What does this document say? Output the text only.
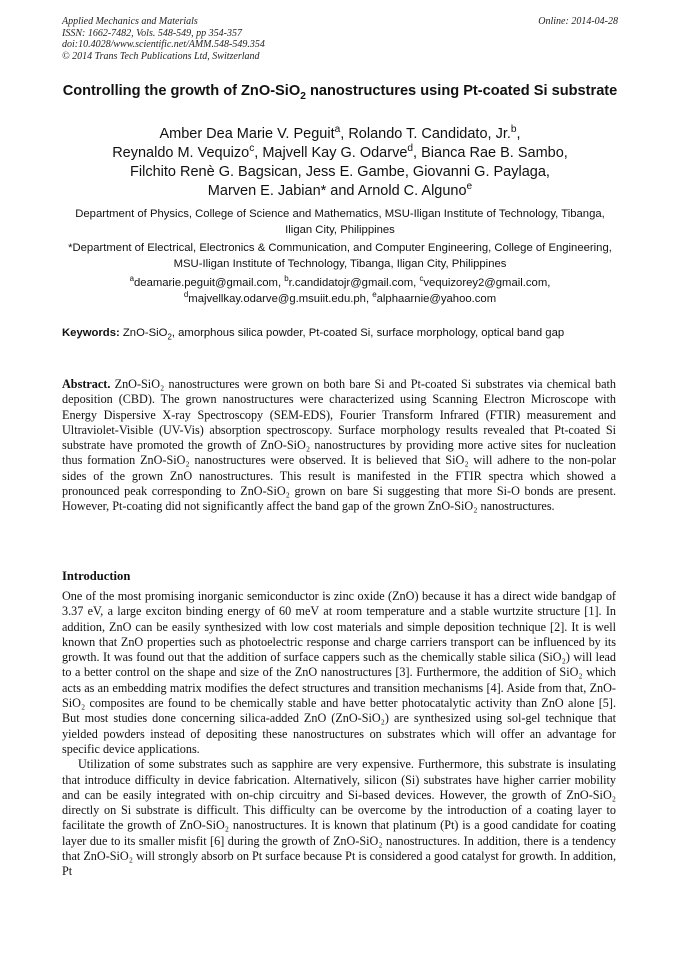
Applied Mechanics and Materials
ISSN: 1662-7482, Vols. 548-549, pp 354-357
doi:10.4028/www.scientific.net/AMM.548-549.354
© 2014 Trans Tech Publications Ltd, Switzerland
Online: 2014-04-28
Controlling the growth of ZnO-SiO$_2$ nanostructures using Pt-coated Si substrate
Amber Dea Marie V. Peguit$^a$, Rolando T. Candidato, Jr.$^b$,
Reynaldo M. Vequizo$^c$, Majvell Kay G. Odarve$^d$, Bianca Rae B. Sambo,
Filchito Renè G. Bagsican, Jess E. Gambe, Giovanni G. Paylaga,
Marven E. Jabian* and Arnold C. Alguno$^e$
Department of Physics, College of Science and Mathematics, MSU-Iligan Institute of Technology, Tibanga, Iligan City, Philippines
*Department of Electrical, Electronics & Communication, and Computer Engineering, College of Engineering, MSU-Iligan Institute of Technology, Tibanga, Iligan City, Philippines
$^a$deamarie.peguit@gmail.com, $^b$r.candidatojr@gmail.com, $^c$vequizorey2@gmail.com,
$^d$majvellkay.odarve@g.msuiit.edu.ph, $^e$alphaarnie@yahoo.com
Keywords: ZnO-SiO$_2$, amorphous silica powder, Pt-coated Si, surface morphology, optical band gap
Abstract. ZnO-SiO₂ nanostructures were grown on both bare Si and Pt-coated Si substrates via chemical bath deposition (CBD). The grown nanostructures were characterized using Scanning Electron Microscope with Energy Dispersive X-ray Spectroscopy (SEM-EDS), Fourier Transform Infrared (FTIR) measurement and Ultraviolet-Visible (UV-Vis) absorption spectroscopy. Surface morphology results revealed that Pt-coated Si substrate have promoted the growth of ZnO-SiO₂ nanostructures by providing more active sites for nucleation thus formation ZnO-SiO₂ nanostructures were observed. It is believed that SiO₂ will adhere to the non-polar sides of the grown ZnO nanostructures. This result is manifested in the FTIR spectra which showed a pronounced peak corresponding to ZnO-SiO₂ grown on bare Si suggesting that more Si-O bonds are present. However, Pt-coating did not significantly affect the band gap of the grown ZnO-SiO₂ nanostructures.
Introduction

One of the most promising inorganic semiconductor is zinc oxide (ZnO) because it has a direct wide bandgap of 3.37 eV, a large exciton binding energy of 60 meV at room temperature and a stable wurtzite structure [1]. In addition, ZnO can be easily synthesized with low cost materials and simple deposition technique [2]. It is well known that ZnO properties such as photoelectric response and charge carriers transport can be influenced by its growth. It was found out that the addition of surface cappers such as the chemically stable silica (SiO₂) will lead to a better control on the shape and size of the ZnO nanostructures [3]. Furthermore, the addition of SiO₂ which acts as an embedding matrix modifies the defect structures and transition mechanisms [4]. Aside from that, ZnO-SiO₂ composites are found to be chemically stable and have better photocatalytic activity than ZnO alone [5]. But most studies done concerning silica-added ZnO (ZnO-SiO₂) are synthesized using sol-gel technique that yielded powders instead of depositing these nanostructures on substrates which will offer an advantage for specific device applications.

Utilization of some substrates such as sapphire are very expensive. Furthermore, this substrate is insulating that introduce difficulty in device fabrication. Alternatively, silicon (Si) substrates have higher carrier mobility and can be easily integrated with on-chip circuitry and Si-based devices. However, the growth of ZnO-SiO₂ directly on Si substrate is difficult. This difficulty can be overcome by the introduction of a coating layer to facilitate the growth of ZnO-SiO₂ nanostructures. It is known that platinum (Pt) is a good candidate for coating layer due to its smaller misfit [6] during the growth of ZnO-SiO₂ nanostructures. In addition, there is a tendency that ZnO-SiO₂ will strongly absorb on Pt surface because Pt is considered a good catalyst for growth. In addition, Pt
